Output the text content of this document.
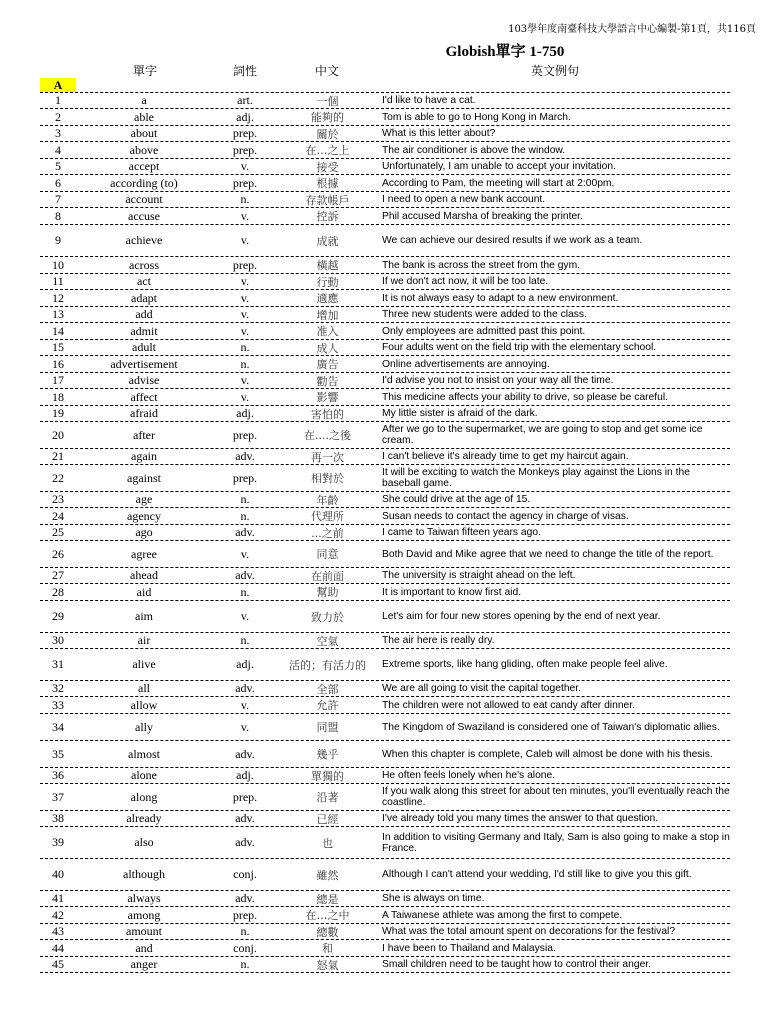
103學年度南臺科技大學語言中心編製-第1頁，共116頁
Globish單字 1-750
單字	詞性	中文	英文例句
A
1	a	art.	一個	I'd like to have a cat.
2	able	adj.	能夠的	Tom is able to go to Hong Kong in March.
3	about	prep.	關於	What is this letter about?
4	above	prep.	在…之上	The air conditioner is above the window.
5	accept	v.	接受	Unfortunately, I am unable to accept your invitation.
6	according (to)	prep.	根據	According to Pam, the meeting will start at 2:00pm.
7	account	n.	存款帳戶	I need to open a new bank account.
8	accuse	v.	控訴	Phil accused Marsha of breaking the printer.
9	achieve	v.	成就	We can achieve our desired results if we work as a team.
10	across	prep.	橫越	The bank is across the street from the gym.
11	act	v.	行動	If we don't act now, it will be too late.
12	adapt	v.	適應	It is not always easy to adapt to a new environment.
13	add	v.	增加	Three new students were added to the class.
14	admit	v.	准入	Only employees are admitted past this point.
15	adult	n.	成人	Four adults went on the field trip with the elementary school.
16	advertisement	n.	廣告	Online advertisements are annoying.
17	advise	v.	勸告	I'd advise you not to insist on your way all the time.
18	affect	v.	影響	This medicine affects your ability to drive, so please be careful.
19	afraid	adj.	害怕的	My little sister is afraid of the dark.
20	after	prep.	在....之後	After we go to the supermarket, we are going to stop and get some ice cream.
21	again	adv.	再一次	I can't believe it's already time to get my haircut again.
22	against	prep.	相對於	It will be exciting to watch the Monkeys play against the Lions in the baseball game.
23	age	n.	年齡	She could drive at the age of 15.
24	agency	n.	代理所	Susan needs to contact the agency in charge of visas.
25	ago	adv.	...之前	I came to Taiwan fifteen years ago.
26	agree	v.	同意	Both David and Mike agree that we need to change the title of the report.
27	ahead	adv.	在前面	The university is straight ahead on the left.
28	aid	n.	幫助	It is important to know first aid.
29	aim	v.	致力於	Let's aim for four new stores opening by the end of next year.
30	air	n.	空氣	The air here is really dry.
31	alive	adj.	活的；有活力的	Extreme sports, like hang gliding, often make people feel alive.
32	all	adv.	全部	We are all going to visit the capital together.
33	allow	v.	允許	The children were not allowed to eat candy after dinner.
34	ally	v.	同盟	The Kingdom of Swaziland is considered one of Taiwan's diplomatic allies.
35	almost	adv.	幾乎	When this chapter is complete, Caleb will almost be done with his thesis.
36	alone	adj.	單獨的	He often feels lonely when he's alone.
37	along	prep.	沿著	If you walk along this street for about ten minutes, you'll eventually reach the coastline.
38	already	adv.	已經	I've already told you many times the answer to that question.
39	also	adv.	也	In addition to visiting Germany and Italy, Sam is also going to make a stop in France.
40	although	conj.	雖然	Although I can't attend your wedding, I'd still like to give you this gift.
41	always	adv.	總是	She is always on time.
42	among	prep.	在…之中	A Taiwanese athlete was among the first to compete.
43	amount	n.	總數	What was the total amount spent on decorations for the festival?
44	and	conj.	和	I have been to Thailand and Malaysia.
45	anger	n.	怒氣	Small children need to be taught how to control their anger.
